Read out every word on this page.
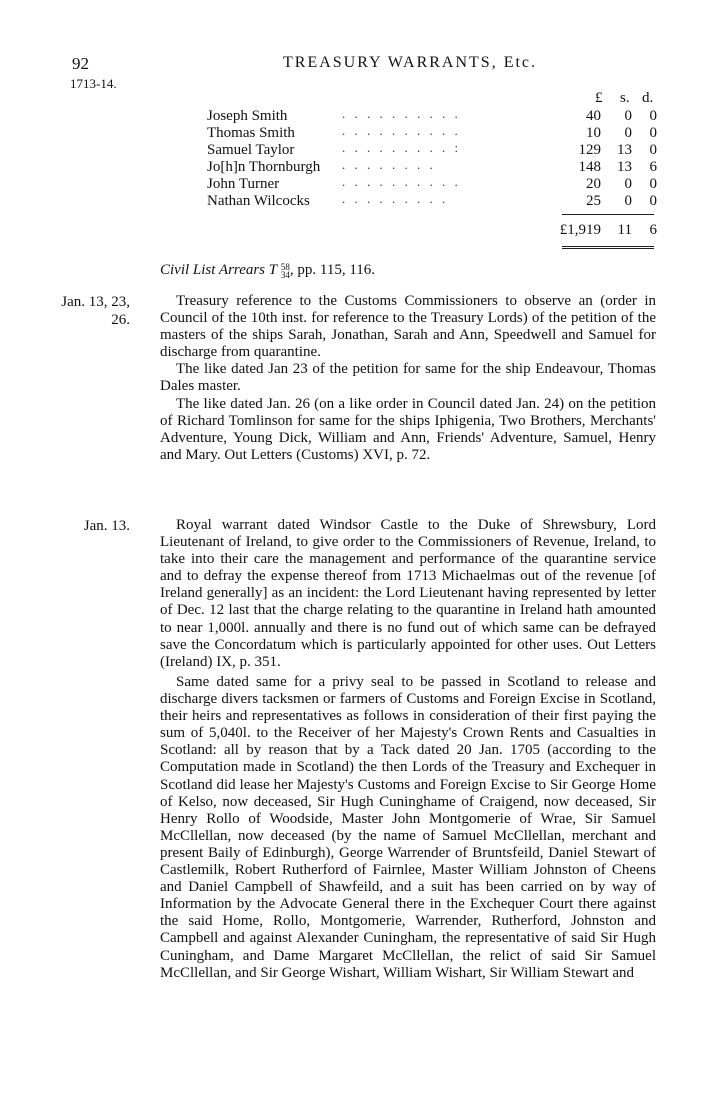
92
1713-14.
TREASURY WARRANTS, Etc.
£ s. d.
Joseph Smith	. . . . . . . . . .	40	0	0
Thomas Smith	. . . . . . . . . .	10	0	0
Samuel Taylor	. . . . . . . . . :	129	13	0
Jo[h]n Thornburgh . . . . . . . .	148	13	6
John Turner	. . . . . . . . . .	20	0	0
Nathan Wilcocks . . . . . . . . .	25	0	0
£1,919	11	6
Civil List Arrears T 58
34, pp. 115, 116.
Jan. 13, 23,
26.

Treasury reference to the Customs Commissioners to observe an (order in Council of the 10th inst. for reference to the Treasury Lords) of the petition of the masters of the ships Sarah, Jonathan, Sarah and Ann, Speedwell and Samuel for discharge from quarantine.

The like dated Jan 23 of the petition for same for the ship Endeavour, Thomas Dales master.

The like dated Jan. 26 (on a like order in Council dated Jan. 24) on the petition of Richard Tomlinson for same for the ships Iphigenia, Two Brothers, Merchants' Adventure, Young Dick, William and Ann, Friends' Adventure, Samuel, Henry and Mary. Out Letters (Customs) XVI, p. 72.

Jan. 13.	Royal warrant dated Windsor Castle to the Duke of Shrewsbury, Lord Lieutenant of Ireland, to give order to the Commissioners of Revenue, Ireland, to take into their care the management and performance of the quarantine service and to defray the expense thereof from 1713 Michaelmas out of the revenue [of Ireland generally] as an incident: the Lord Lieutenant having represented by letter of Dec. 12 last that the charge relating to the quarantine in Ireland hath amounted to near 1,000l. annually and there is no fund out of which same can be defrayed save the Concordatum which is particularly appointed for other uses. Out Letters (Ireland) IX, p. 351.

Same dated same for a privy seal to be passed in Scotland to release and discharge divers tacksmen or farmers of Customs and Foreign Excise in Scotland, their heirs and representatives as follows in consideration of their first paying the sum of 5,040l. to the Receiver of her Majesty's Crown Rents and Casualties in Scotland: all by reason that by a Tack dated 20 Jan. 1705 (according to the Computation made in Scotland) the then Lords of the Treasury and Exchequer in Scotland did lease her Majesty's Customs and Foreign Excise to Sir George Home of Kelso, now deceased, Sir Hugh Cuninghame of Craigend, now deceased, Sir Henry Rollo of Woodside, Master John Montgomerie of Wrae, Sir Samuel McCllellan, now deceased (by the name of Samuel McCllellan, merchant and present Baily of Edinburgh), George Warrender of Bruntsfeild, Daniel Stewart of Castlemilk, Robert Rutherford of Fairnlee, Master William Johnston of Cheens and Daniel Campbell of Shawfeild, and a suit has been carried on by way of Information by the Advocate General there in the Exchequer Court there against the said Home, Rollo, Montgomerie, Warrender, Rutherford, Johnston and Campbell and against Alexander Cuningham, the representative of said Sir Hugh Cuningham, and Dame Margaret McCllellan, the relict of said Sir Samuel McCllellan, and Sir George Wishart, William Wishart, Sir William Stewart and
